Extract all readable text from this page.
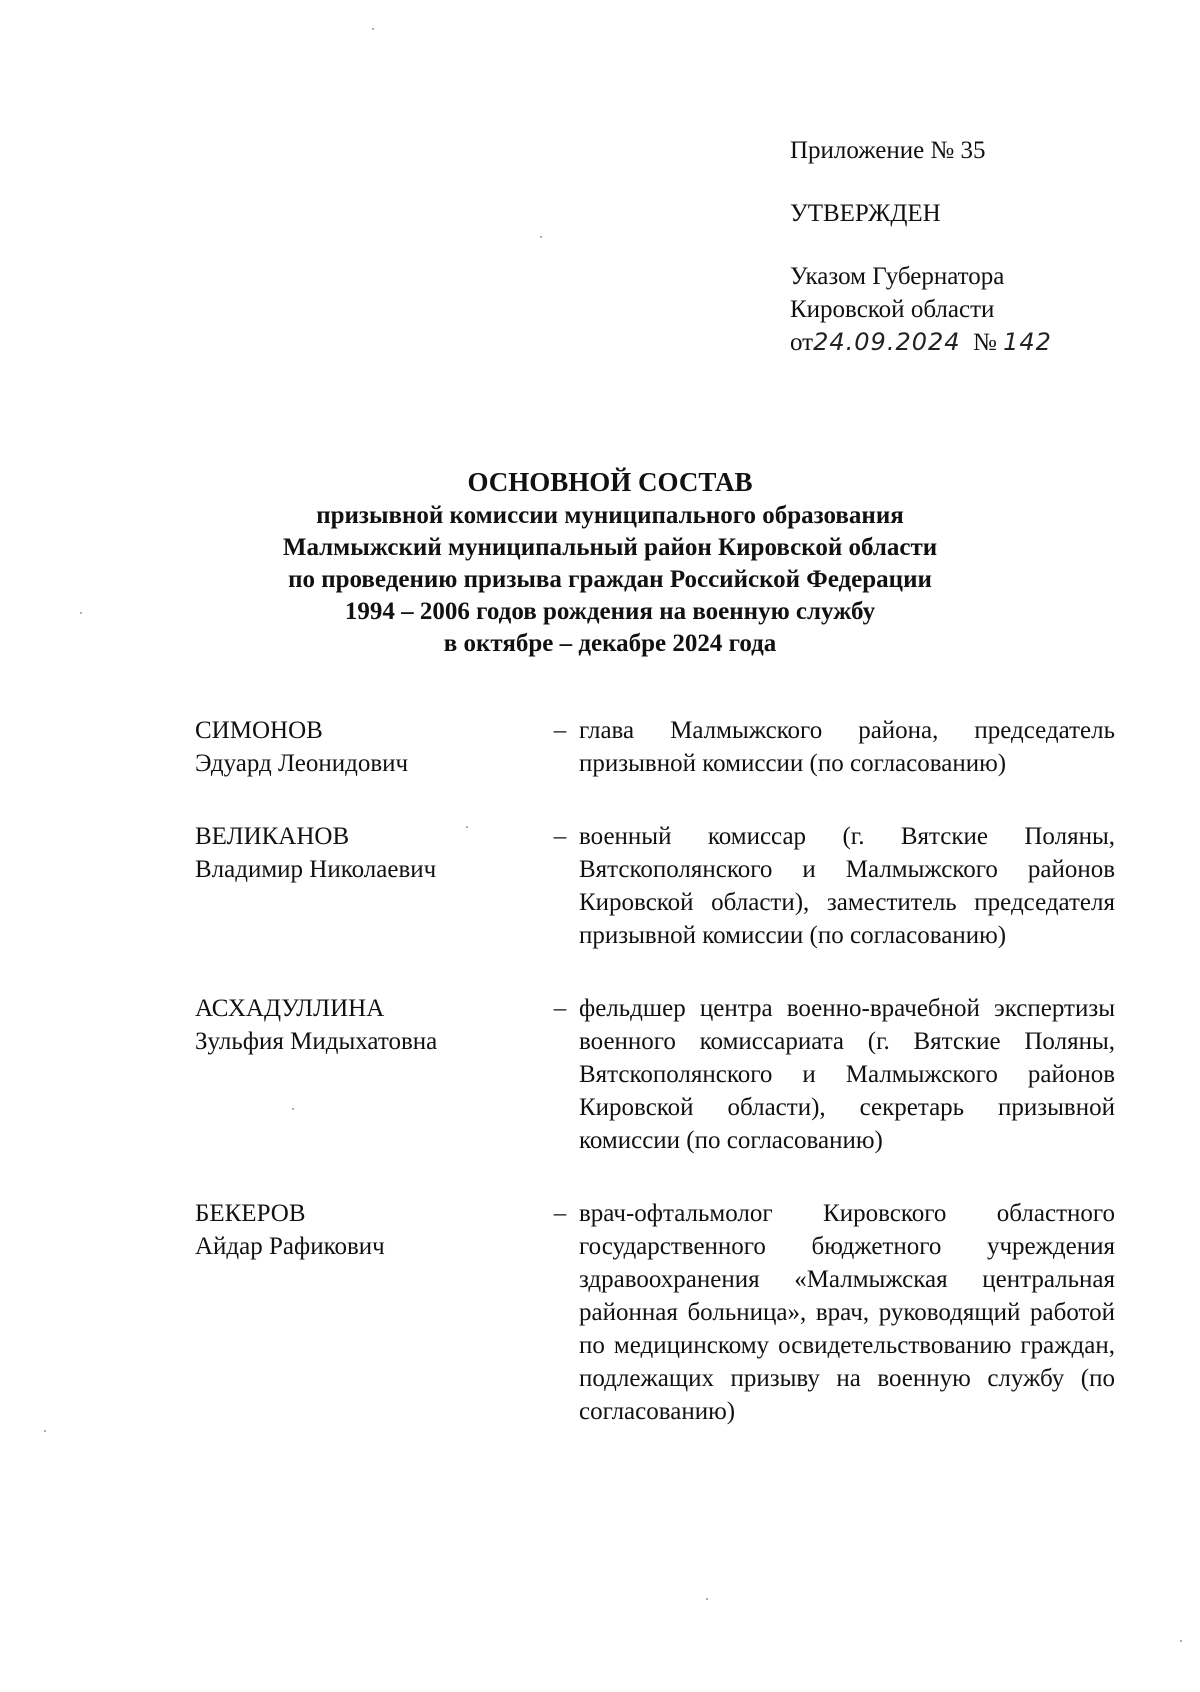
Приложение № 35
УТВЕРЖДЕН
Указом Губернатора
Кировской области
от24.09.2024 № 142
ОСНОВНОЙ СОСТАВ
призывной комиссии муниципального образования
Малмыжский муниципальный район Кировской области
по проведению призыва граждан Российской Федерации
1994 – 2006 годов рождения на военную службу
в октябре – декабре 2024 года
СИМОНОВ
Эдуард Леонидович
– глава Малмыжского района, председатель призывной комиссии (по согласованию)
ВЕЛИКАНОВ
Владимир Николаевич
– военный комиссар (г. Вятские Поляны, Вятскополянского и Малмыжского районов Кировской области), заместитель председателя призывной комиссии (по согласованию)
АСХАДУЛЛИНА
Зульфия Мидыхатовна
– фельдшер центра военно-врачебной экспертизы военного комиссариата (г. Вятские Поляны, Вятскополянского и Малмыжского районов Кировской области), секретарь призывной комиссии (по согласованию)
БЕКЕРОВ
Айдар Рафикович
– врач-офтальмолог Кировского областного государственного бюджетного учреждения здравоохранения «Малмыжская центральная районная больница», врач, руководящий работой по медицинскому освидетельствованию граждан, подлежащих призыву на военную службу (по согласованию)
